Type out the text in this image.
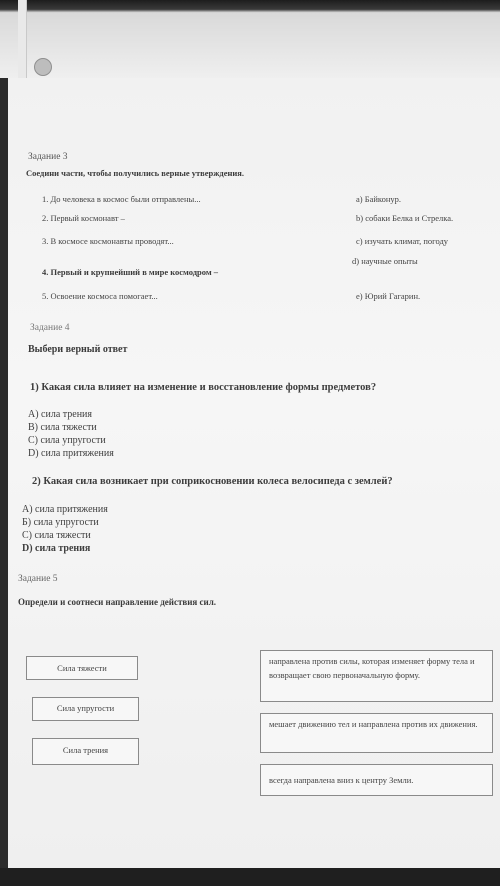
Задание 3
Соедини части, чтобы получились верные утверждения.
1. До человека в космос были отправлены...
2. Первый космонавт –
3. В космосе космонавты проводят...
4. Первый и крупнейший в мире космодром –
5. Освоение космоса помогает...
а) Байконур.
b) собаки Белка и Стрелка.
c) изучать климат, погоду
d) научные опыты
e) Юрий Гагарин.
Задание 4
Выбери верный ответ
1) Какая сила влияет на изменение и восстановление формы предметов?
A) сила трения
B) сила тяжести
C) сила упругости
D) сила притяжения
2) Какая сила возникает при соприкосновении колеса велосипеда с землей?
A) сила притяжения
Б) сила упругости
C) сила тяжести
D) сила трения
Задание 5
Определи и соотнеси направление действия сил.
Сила тяжести
Сила упругости
Сила трения
направлена против силы, которая изменяет форму тела и возвращает свою первоначальную форму.
мешает движению тел и направлена против их движения.
всегда направлена вниз к центру Земли.
